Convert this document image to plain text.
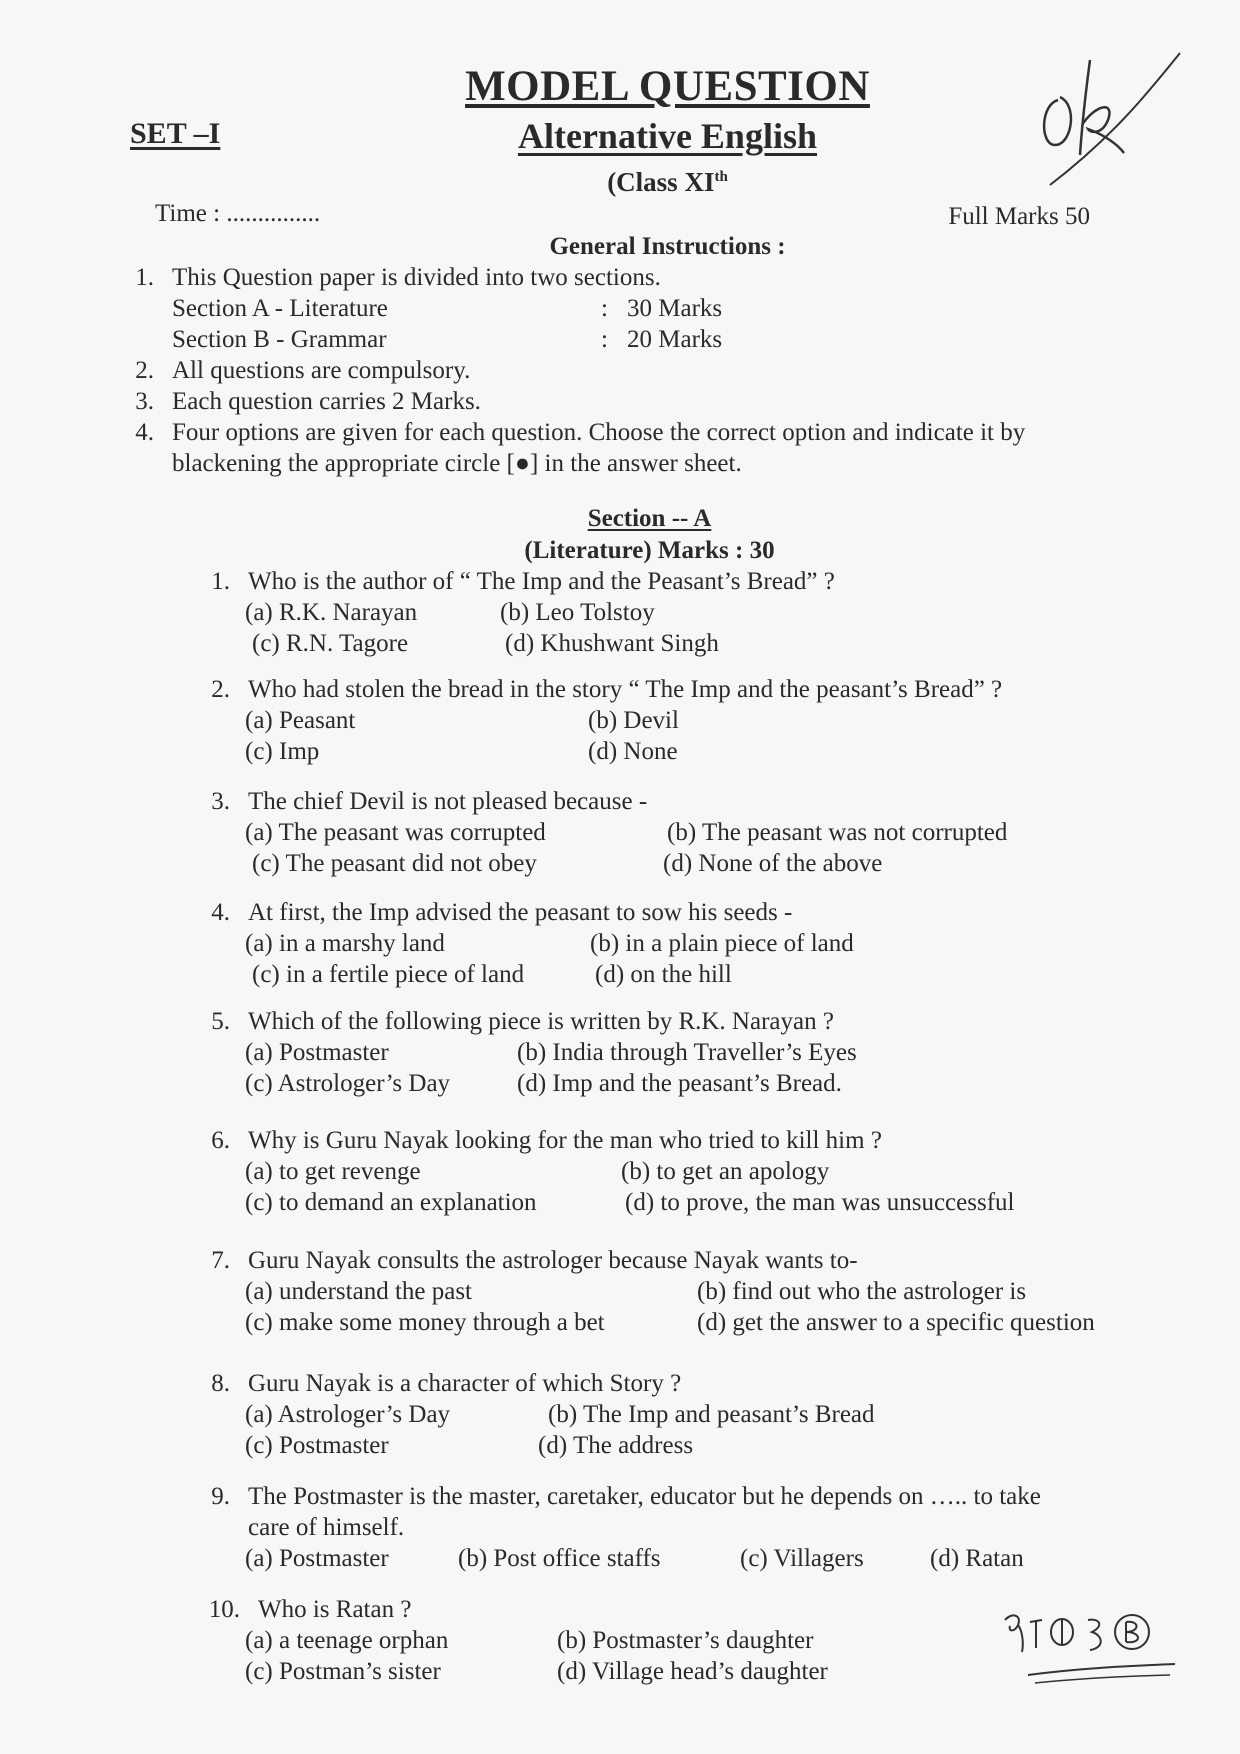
MODEL QUESTION
SET –I	Alternative English
(Class XIth
Time : ...............	Full Marks 50
General Instructions :
1. This Question paper is divided into two sections.
Section A - Literature	: 30 Marks
Section B - Grammar	: 20 Marks
2. All questions are compulsory.
3. Each question carries 2 Marks.
4. Four options are given for each question. Choose the correct option and indicate it by
blackening the appropriate circle [●] in the answer sheet.
Section -- A
(Literature) Marks : 30
1. Who is the author of “ The Imp and the Peasant’s Bread” ?
(a) R.K. Narayan	(b) Leo Tolstoy
(c) R.N. Tagore	(d) Khushwant Singh
2. Who had stolen the bread in the story “ The Imp and the peasant’s Bread” ?
(a) Peasant	(b) Devil
(c) Imp	(d) None
3. The chief Devil is not pleased because -
(a) The peasant was corrupted	(b) The peasant was not corrupted
(c) The peasant did not obey	(d) None of the above
4. At first, the Imp advised the peasant to sow his seeds -
(a) in a marshy land	(b) in a plain piece of land
(c) in a fertile piece of land	(d) on the hill
5. Which of the following piece is written by R.K. Narayan ?
(a) Postmaster	(b) India through Traveller’s Eyes
(c) Astrologer’s Day	(d) Imp and the peasant’s Bread.
6. Why is Guru Nayak looking for the man who tried to kill him ?
(a) to get revenge	(b) to get an apology
(c) to demand an explanation	(d) to prove, the man was unsuccessful
7. Guru Nayak consults the astrologer because Nayak wants to-
(a) understand the past	(b) find out who the astrologer is
(c) make some money through a bet	(d) get the answer to a specific question
8. Guru Nayak is a character of which Story ?
(a) Astrologer’s Day	(b) The Imp and peasant’s Bread
(c) Postmaster	(d) The address
9. The Postmaster is the master, caretaker, educator but he depends on ….. to take
care of himself.
(a) Postmaster	(b) Post office staffs	(c) Villagers	(d) Ratan
10. Who is Ratan ?
(a) a teenage orphan	(b) Postmaster’s daughter
(c) Postman’s sister	(d) Village head’s daughter
